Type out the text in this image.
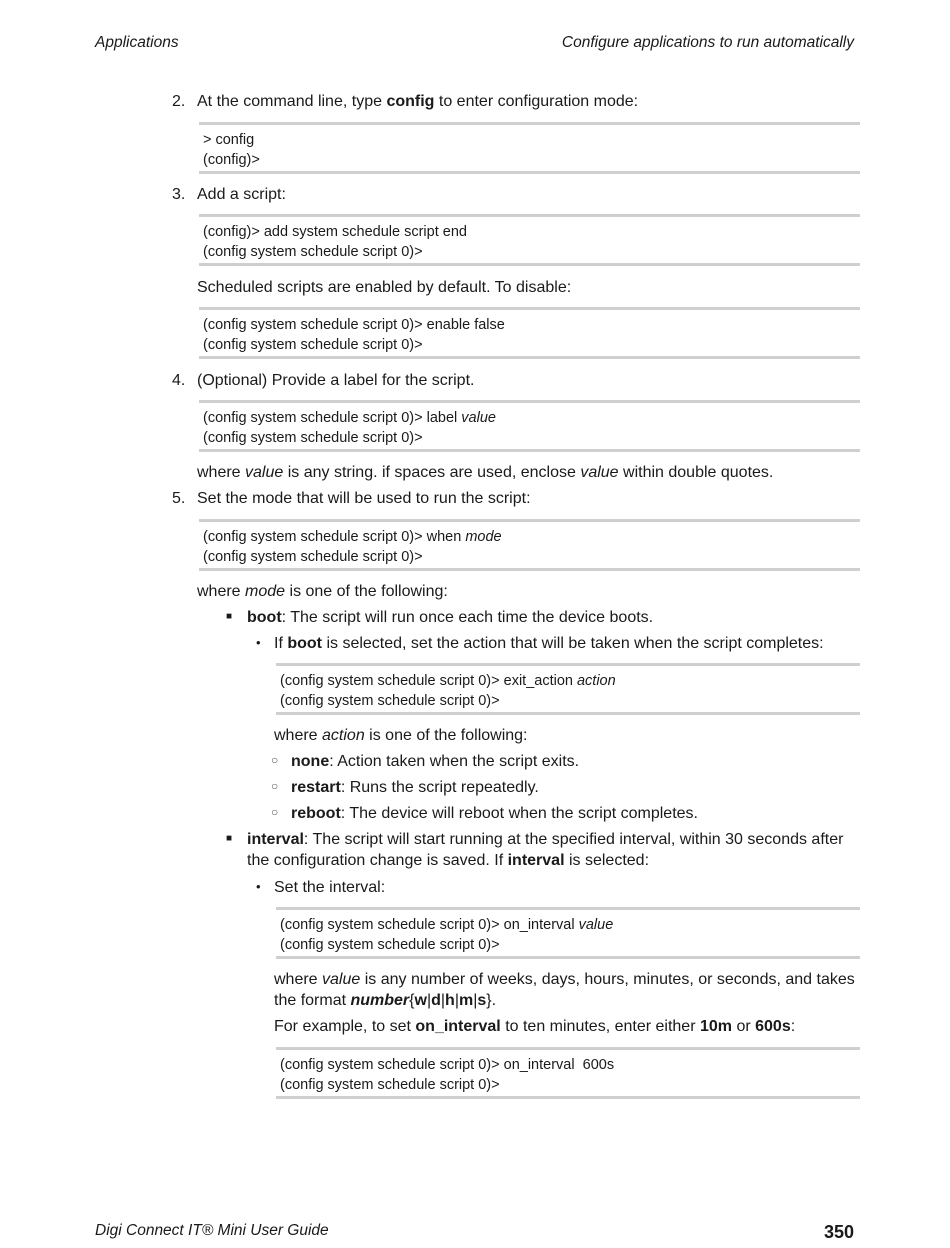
Applications	Configure applications to run automatically
2. At the command line, type config to enter configuration mode:
> config
(config)>
3. Add a script:
(config)> add system schedule script end
(config system schedule script 0)>
Scheduled scripts are enabled by default. To disable:
(config system schedule script 0)> enable false
(config system schedule script 0)>
4. (Optional) Provide a label for the script.
(config system schedule script 0)> label value
(config system schedule script 0)>
where value is any string. if spaces are used, enclose value within double quotes.
5. Set the mode that will be used to run the script:
(config system schedule script 0)> when mode
(config system schedule script 0)>
where mode is one of the following:
■ boot: The script will run once each time the device boots.
• If boot is selected, set the action that will be taken when the script completes:
(config system schedule script 0)> exit_action action
(config system schedule script 0)>
where action is one of the following:
○ none: Action taken when the script exits.
○ restart: Runs the script repeatedly.
○ reboot: The device will reboot when the script completes.
■ interval: The script will start running at the specified interval, within 30 seconds after
the configuration change is saved. If interval is selected:
• Set the interval:
(config system schedule script 0)> on_interval value
(config system schedule script 0)>
where value is any number of weeks, days, hours, minutes, or seconds, and takes
the format number{w|d|h|m|s}.
For example, to set on_interval to ten minutes, enter either 10m or 600s:
(config system schedule script 0)> on_interval  600s
(config system schedule script 0)>
Digi Connect IT® Mini User Guide	350
